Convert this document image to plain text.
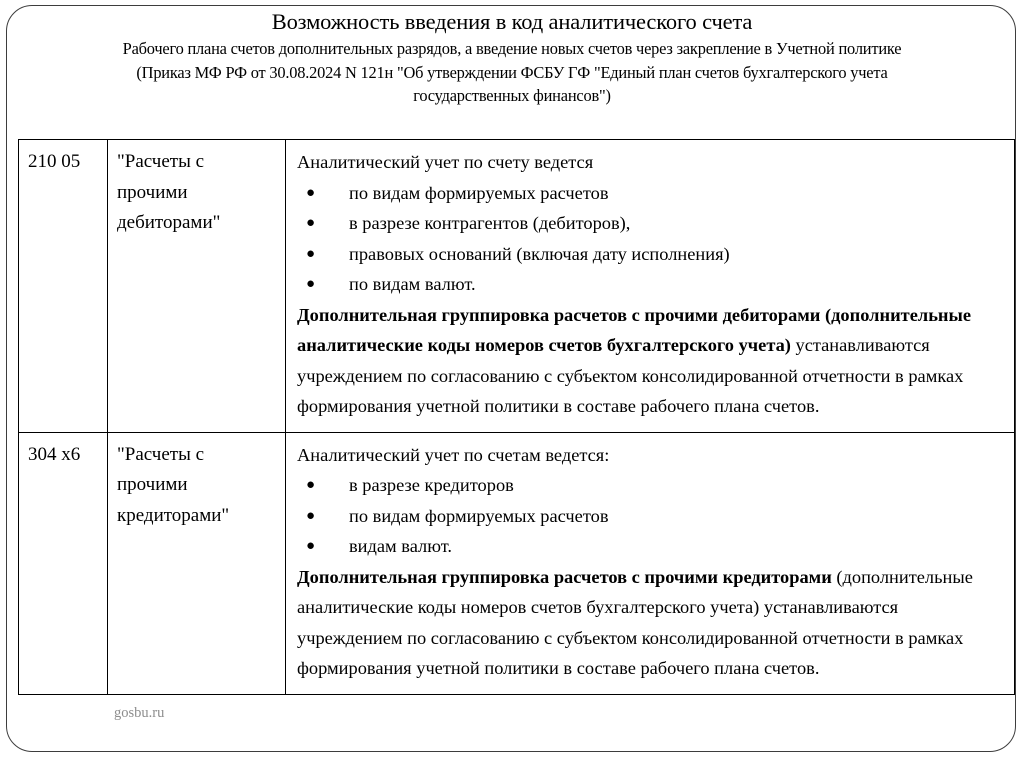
Возможность введения в код аналитического счета
Рабочего плана счетов дополнительных разрядов, а введение новых счетов через закрепление в Учетной политике
(Приказ МФ РФ от 30.08.2024 N 121н "Об утверждении ФСБУ ГФ "Единый план счетов бухгалтерского учета
государственных финансов")
210 05	"Расчеты с прочими дебиторами"	

Аналитический учет по счету ведется

● по видам формируемых расчетов
● в разрезе контрагентов (дебиторов),
● правовых оснований (включая дату исполнения)
● по видам валют.

Дополнительная группировка расчетов с прочими дебиторами (дополнительные аналитические коды номеров счетов бухгалтерского учета) устанавливаются учреждением по согласованию с субъектом консолидированной отчетности в рамках формирования учетной политики в составе рабочего плана счетов.

304 х6	"Расчеты с прочими кредиторами"	

Аналитический учет по счетам ведется:

● в разрезе кредиторов
● по видам формируемых расчетов
● видам валют.

Дополнительная группировка расчетов с прочими кредиторами (дополнительные аналитические коды номеров счетов бухгалтерского учета) устанавливаются учреждением по согласованию с субъектом консолидированной отчетности в рамках формирования учетной политики в составе рабочего плана счетов.

gosbu.ru
